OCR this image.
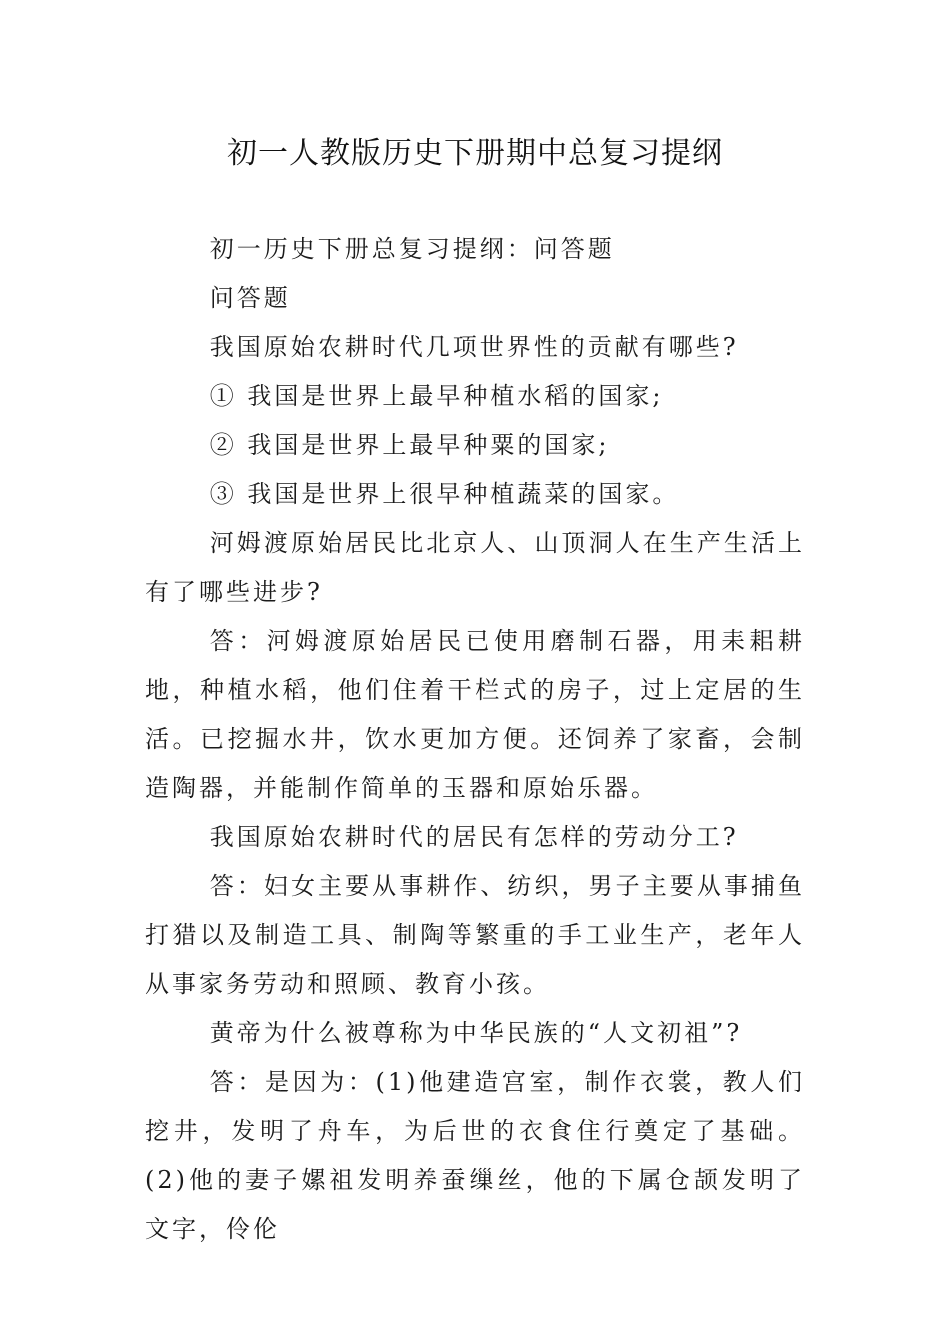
初一人教版历史下册期中总复习提纲

初一历史下册总复习提纲：问答题

问答题

我国原始农耕时代几项世界性的贡献有哪些?

① 我国是世界上最早种植水稻的国家;

② 我国是世界上最早种粟的国家;

③ 我国是世界上很早种植蔬菜的国家。

河姆渡原始居民比北京人、山顶洞人在生产生活上有了哪些进步?

答：河姆渡原始居民已使用磨制石器，用耒耜耕地，种植水稻，他们住着干栏式的房子，过上定居的生活。已挖掘水井，饮水更加方便。还饲养了家畜，会制造陶器，并能制作简单的玉器和原始乐器。

我国原始农耕时代的居民有怎样的劳动分工?

答：妇女主要从事耕作、纺织，男子主要从事捕鱼打猎以及制造工具、制陶等繁重的手工业生产，老年人从事家务劳动和照顾、教育小孩。

黄帝为什么被尊称为中华民族的“人文初祖”?

答：是因为：(1)他建造宫室，制作衣裳，教人们挖井，发明了舟车，为后世的衣食住行奠定了基础。(2)他的妻子嫘祖发明养蚕缫丝，他的下属仓颉发明了文字，伶伦
